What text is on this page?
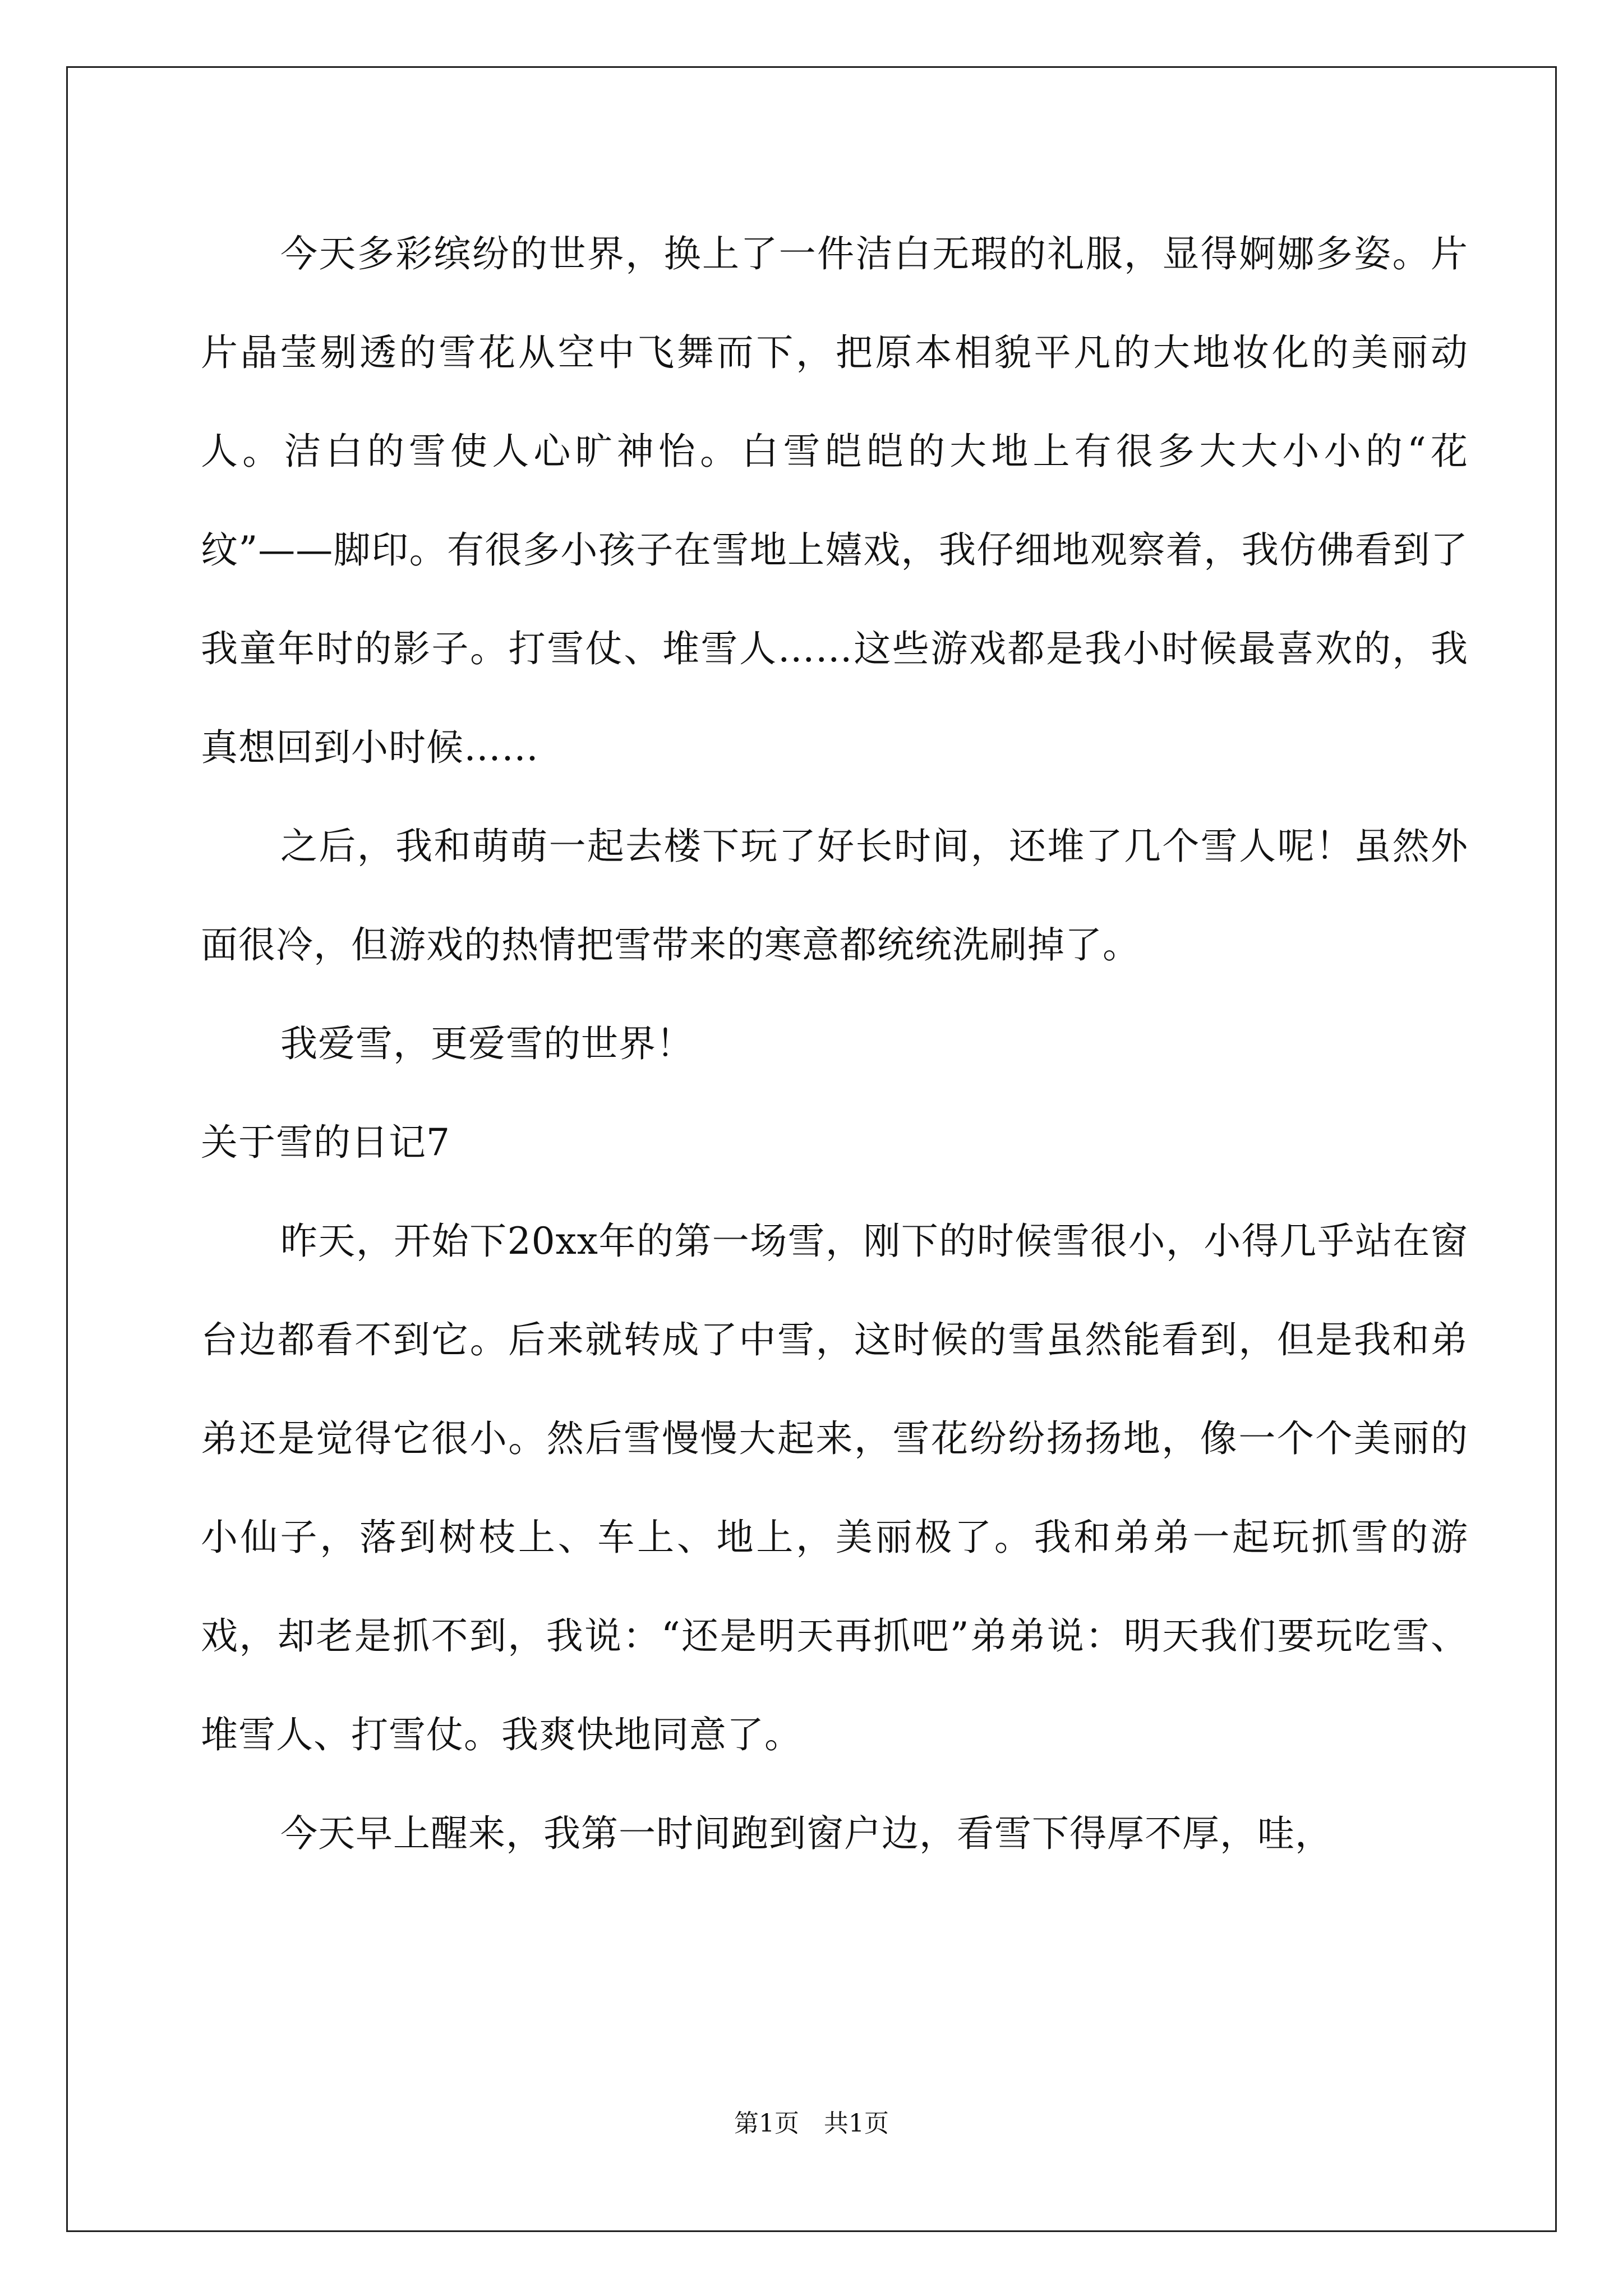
今天多彩缤纷的世界，换上了一件洁白无瑕的礼服，显得婀娜多姿。片片晶莹剔透的雪花从空中飞舞而下，把原本相貌平凡的大地妆化的美丽动人。洁白的雪使人心旷神怡。白雪皑皑的大地上有很多大大小小的“花纹”——脚印。有很多小孩子在雪地上嬉戏，我仔细地观察着，我仿佛看到了我童年时的影子。打雪仗、堆雪人……这些游戏都是我小时候最喜欢的，我真想回到小时候……

之后，我和萌萌一起去楼下玩了好长时间，还堆了几个雪人呢！虽然外面很冷，但游戏的热情把雪带来的寒意都统统洗刷掉了。

我爱雪，更爱雪的世界！

关于雪的日记7

昨天，开始下20xx年的第一场雪，刚下的时候雪很小，小得几乎站在窗台边都看不到它。后来就转成了中雪，这时候的雪虽然能看到，但是我和弟弟还是觉得它很小。然后雪慢慢大起来，雪花纷纷扬扬地，像一个个美丽的小仙子，落到树枝上、车上、地上，美丽极了。我和弟弟一起玩抓雪的游戏，却老是抓不到，我说：“还是明天再抓吧”弟弟说：明天我们要玩吃雪、堆雪人、打雪仗。我爽快地同意了。

今天早上醒来，我第一时间跑到窗户边，看雪下得厚不厚，哇，

第1页　共1页
